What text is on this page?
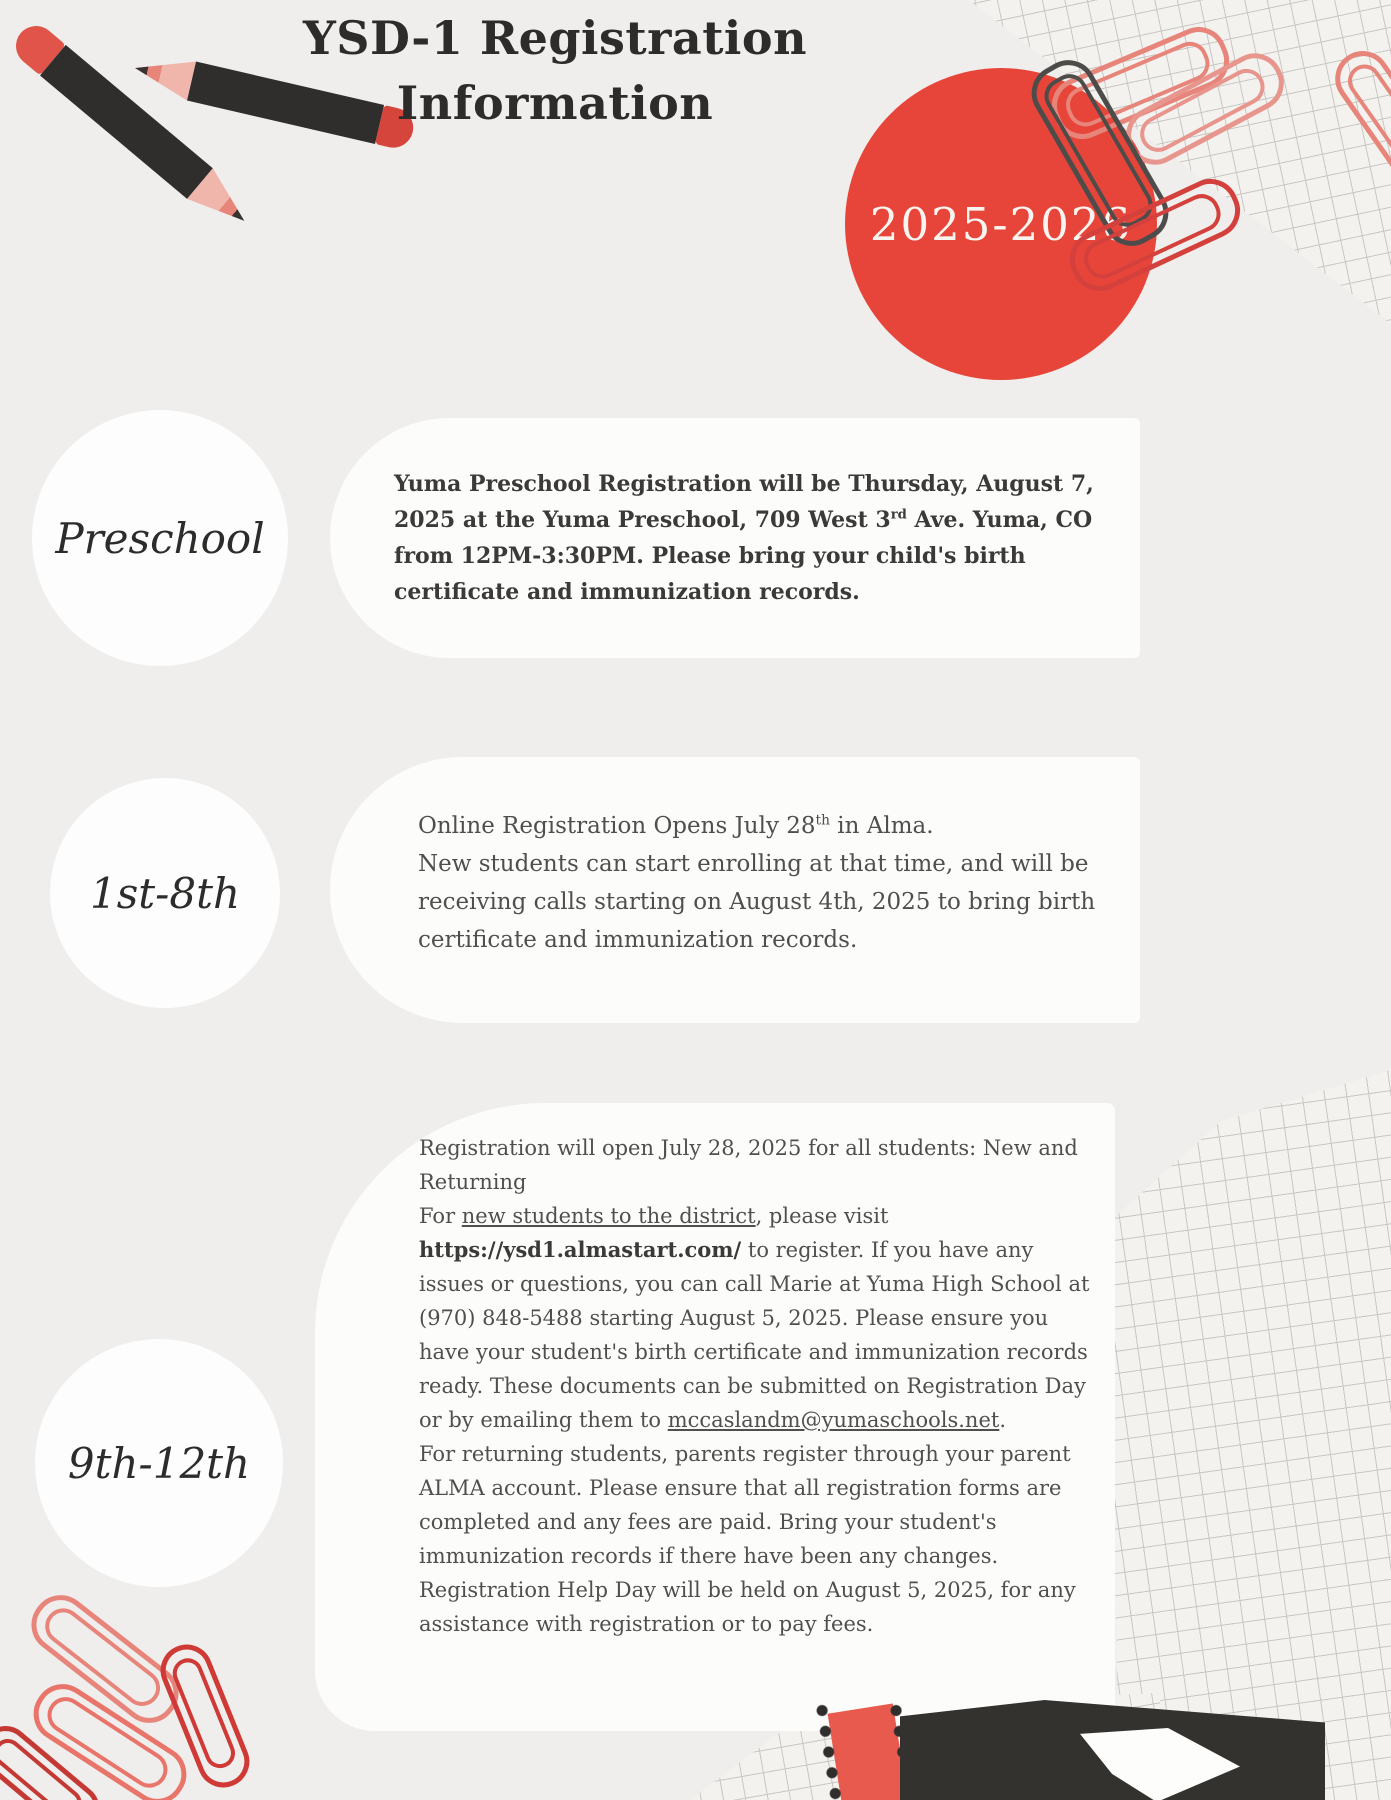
YSD-1 Registration
Information
2025-2026
Preschool

Yuma Preschool Registration will be Thursday, August 7, 2025 at the Yuma Preschool, 709 West 3rd Ave. Yuma, CO from 12PM-3:30PM. Please bring your child's birth certificate and immunization records.

1st-8th

Online Registration Opens July 28th in Alma.

New students can start enrolling at that time, and will be receiving calls starting on August 4th, 2025 to bring birth certificate and immunization records.

9th-12th

Registration will open July 28, 2025 for all students: New and Returning

For new students to the district, please visit https://ysd1.almastart.com/ to register. If you have any issues or questions, you can call Marie at Yuma High School at (970) 848-5488 starting August 5, 2025. Please ensure you have your student's birth certificate and immunization records ready. These documents can be submitted on Registration Day or by emailing them to mccaslandm@yumaschools.net.

For returning students, parents register through your parent ALMA account. Please ensure that all registration forms are completed and any fees are paid. Bring your student's immunization records if there have been any changes.

Registration Help Day will be held on August 5, 2025, for any assistance with registration or to pay fees.
